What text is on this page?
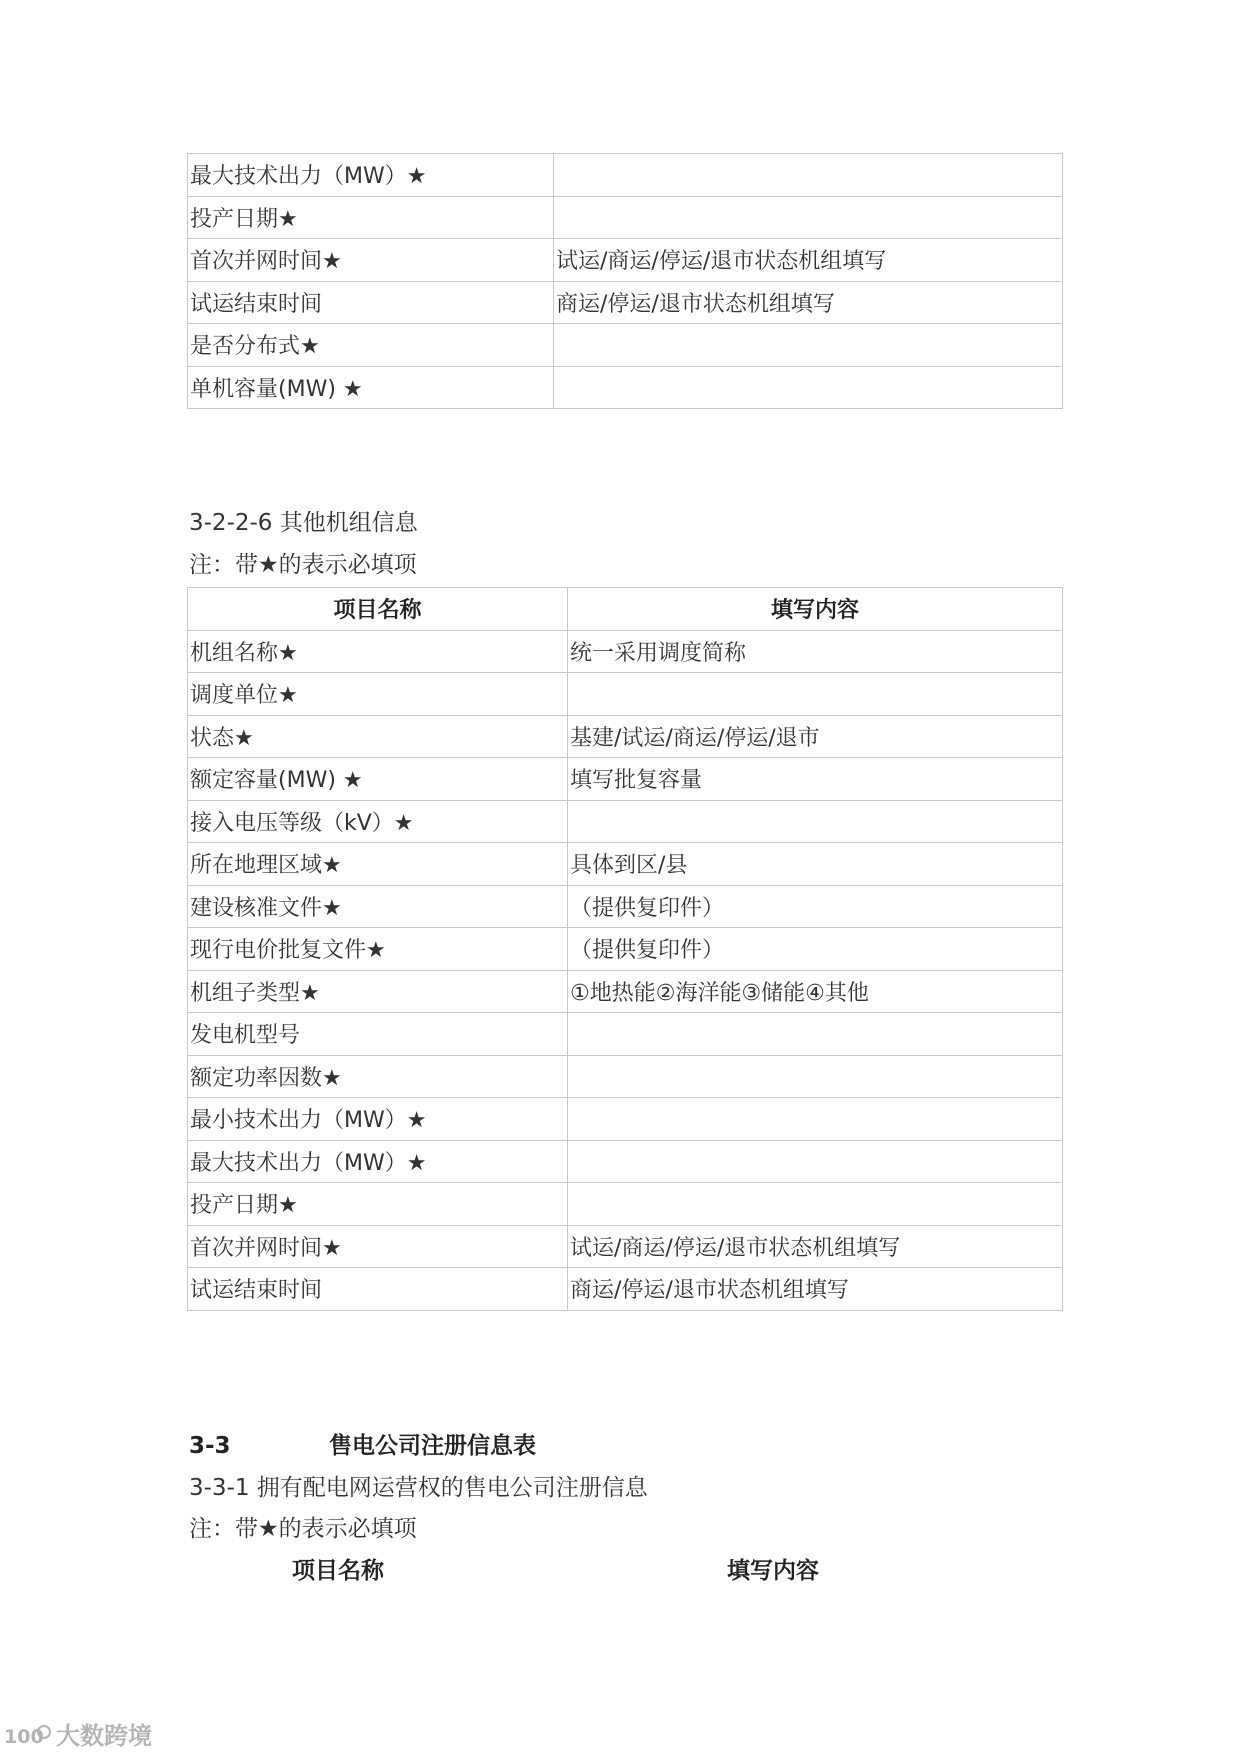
最大技术出力（MW）★	
投产日期★	
首次并网时间★	试运/商运/停运/退市状态机组填写
试运结束时间	商运/停运/退市状态机组填写
是否分布式★	
单机容量(MW) ★	
3-2-2-6 其他机组信息
注：带★的表示必填项
项目名称	填写内容
机组名称★	统一采用调度简称
调度单位★	
状态★	基建/试运/商运/停运/退市
额定容量(MW) ★	填写批复容量
接入电压等级（kV）★	
所在地理区域★	具体到区/县
建设核准文件★	（提供复印件）
现行电价批复文件★	（提供复印件）
机组子类型★	①地热能②海洋能③储能④其他
发电机型号	
额定功率因数★	
最小技术出力（MW）★	
最大技术出力（MW）★	
投产日期★	
首次并网时间★	试运/商运/停运/退市状态机组填写
试运结束时间	商运/停运/退市状态机组填写
3-3	售电公司注册信息表
3-3-1 拥有配电网运营权的售电公司注册信息
注：带★的表示必填项
项目名称	填写内容
100 大数跨境
